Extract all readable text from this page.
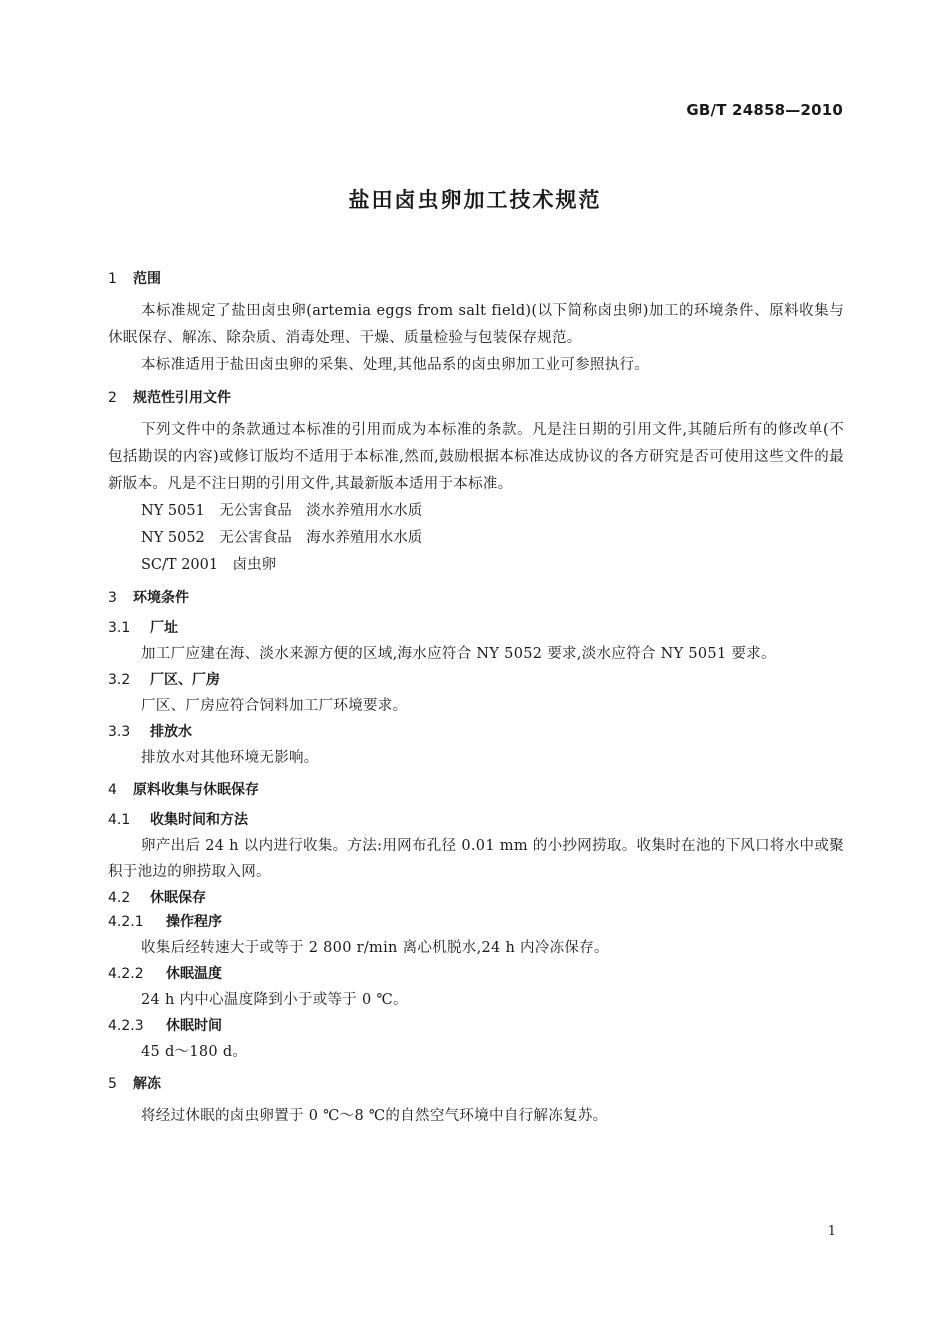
GB/T 24858—2010
盐田卤虫卵加工技术规范
1 范围
本标准规定了盐田卤虫卵(artemia eggs from salt field)(以下简称卤虫卵)加工的环境条件、原料收集与休眠保存、解冻、除杂质、消毒处理、干燥、质量检验与包装保存规范。
本标准适用于盐田卤虫卵的采集、处理,其他品系的卤虫卵加工业可参照执行。
2 规范性引用文件
下列文件中的条款通过本标准的引用而成为本标准的条款。凡是注日期的引用文件,其随后所有的修改单(不包括勘误的内容)或修订版均不适用于本标准,然而,鼓励根据本标准达成协议的各方研究是否可使用这些文件的最新版本。凡是不注日期的引用文件,其最新版本适用于本标准。
NY 5051　无公害食品　淡水养殖用水水质
NY 5052　无公害食品　海水养殖用水水质
SC/T 2001　卤虫卵
3 环境条件
3.1 厂址
加工厂应建在海、淡水来源方便的区域,海水应符合 NY 5052 要求,淡水应符合 NY 5051 要求。
3.2 厂区、厂房
厂区、厂房应符合饲料加工厂环境要求。
3.3 排放水
排放水对其他环境无影响。
4 原料收集与休眠保存
4.1 收集时间和方法
卵产出后 24 h 以内进行收集。方法:用网布孔径 0.01 mm 的小抄网捞取。收集时在池的下风口将水中或聚积于池边的卵捞取入网。
4.2 休眠保存
4.2.1 操作程序
收集后经转速大于或等于 2 800 r/min 离心机脱水,24 h 内冷冻保存。
4.2.2 休眠温度
24 h 内中心温度降到小于或等于 0 ℃。
4.2.3 休眠时间
45 d～180 d。
5 解冻
将经过休眠的卤虫卵置于 0 ℃～8 ℃的自然空气环境中自行解冻复苏。
1
